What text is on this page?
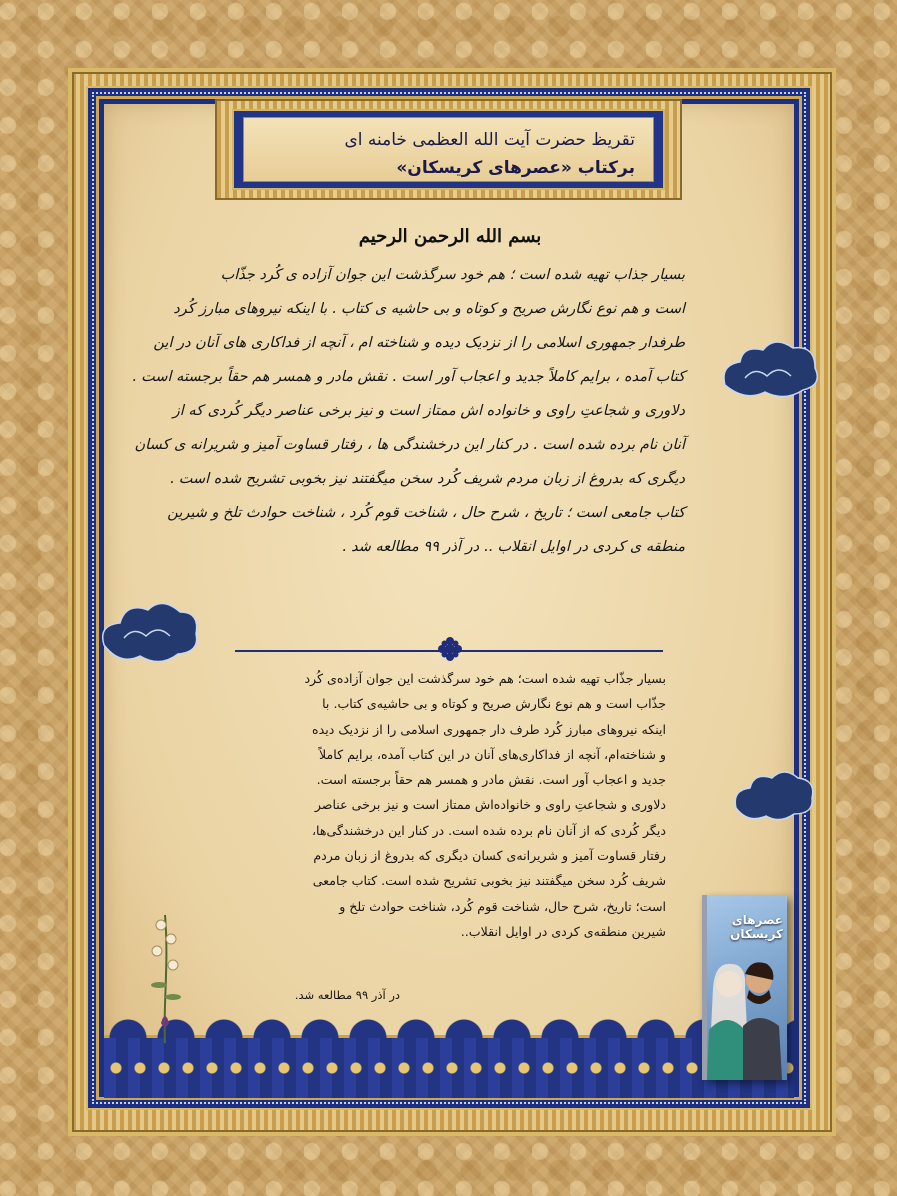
تقریظ حضرت آیت الله العظمی خامنه ای
برکتاب «عصرهای کریسکان»
بسم الله الرحمن الرحیم
بسیار جذاب تهیه شده است ؛ هم خود سرگذشت این جوان آزاده ی کُرد جذّاب
است و هم نوع نگارش صریح و کوتاه و بی حاشیه ی کتاب . با اینکه نیروهای مبارز کُرد
طرفدار جمهوری اسلامی را از نزدیک دیده و شناخته ام ، آنچه از فداکاری های آنان در این
کتاب آمده ، برایم کاملاً جدید و اعجاب آور است . نقش مادر و همسر هم حقاً برجسته است .
دلاوری و شجاعتِ راوی و خانواده اش ممتاز است و نیز برخی عناصر دیگر کُردی که از
آنان نام برده شده است . در کنار این درخشندگی ها ، رفتار قساوت آمیز و شریرانه ی کسان
دیگری که بدروغ از زبان مردم شریف کُرد سخن میگفتند نیز بخوبی تشریح شده است .
کتاب جامعی است ؛ تاریخ ، شرح حال ، شناخت قوم کُرد ، شناخت حوادث تلخ و شیرین
منطقه ی کردی در اوایل انقلاب .. در آذر ۹۹ مطالعه شد .
بسیار جذّاب تهیه شده است؛ هم خود سرگذشت این جوان آزاده‌ی کُرد
جذّاب است و هم نوع نگارش صریح و کوتاه و بی حاشیه‌ی کتاب. با
اینکه نیروهای مبارز کُرد طرف دار جمهوری اسلامی را از نزدیک دیده
و شناخته‌ام، آنچه از فداکاری‌های آنان در این کتاب آمده، برایم کاملاً
جدید و اعجاب آور است. نقش مادر و همسر هم حقاً برجسته است.
دلاوری و شجاعتِ راوی و خانواده‌اش ممتاز است و نیز برخی عناصر
دیگر کُردی که از آنان نام برده شده است. در کنار این درخشندگی‌ها،
رفتار قساوت آمیز و شریرانه‌ی کسان دیگری که بدروغ از زبان مردم
شریف کُرد سخن میگفتند نیز بخوبی تشریح شده است. کتاب جامعی
است؛ تاریخ، شرح حال، شناخت قوم کُرد، شناخت حوادث تلخ و
شیرین منطقه‌ی کردی در اوایل انقلاب..
در آذر ۹۹ مطالعه شد.
عصرهای کریسکان
